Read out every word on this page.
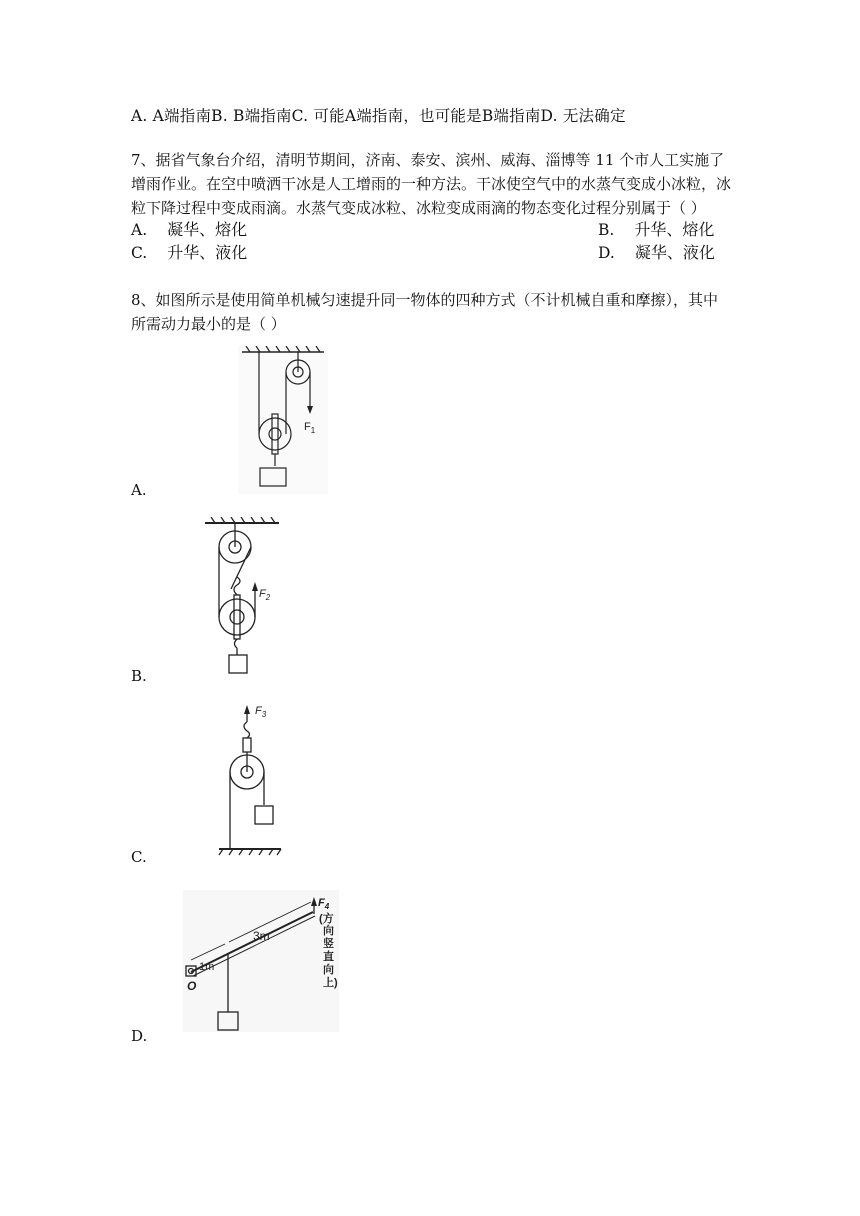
A. A端指南B. B端指南C. 可能A端指南，也可能是B端指南D. 无法确定
7、据省气象台介绍，清明节期间，济南、泰安、滨州、威海、淄博等 11 个市人工实施了
增雨作业。在空中喷洒干冰是人工增雨的一种方法。干冰使空气中的水蒸气变成小冰粒，冰
粒下降过程中变成雨滴。水蒸气变成冰粒、冰粒变成雨滴的物态变化过程分别属于（ ）
A. 凝华、熔化	B. 升华、熔化
C. 升华、液化	D. 凝华、液化
8、如图所示是使用简单机械匀速提升同一物体的四种方式（不计机械自重和摩擦），其中
所需动力最小的是（ ）
$F_1$
A.
$F_2$
B.
$F_3$
C.
$F_4$
(方
向
竖
直
向
上)
3m
1m
O
D.
